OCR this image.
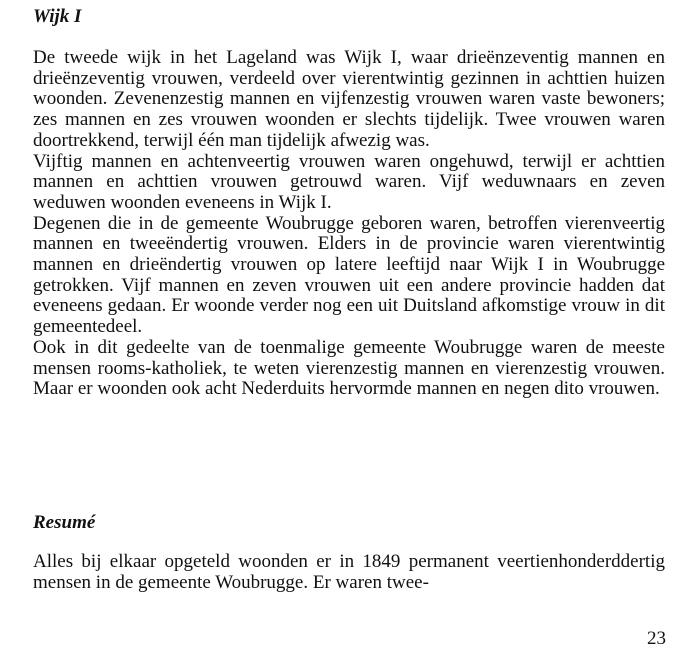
Wijk I

De tweede wijk in het Lageland was Wijk I, waar drieënzeventig mannen en drieënzeventig vrouwen, verdeeld over vierentwintig gezinnen in achttien huizen woonden. Zevenenzestig mannen en vijfenzestig vrouwen waren vaste bewoners; zes mannen en zes vrouwen woonden er slechts tijdelijk. Twee vrouwen waren doortrekkend, terwijl één man tijdelijk afwezig was.

Vijftig mannen en achtenveertig vrouwen waren ongehuwd, terwijl er achttien mannen en achttien vrouwen getrouwd waren. Vijf weduwnaars en zeven weduwen woonden eveneens in Wijk I.

Degenen die in de gemeente Woubrugge geboren waren, betroffen vierenveertig mannen en tweeëndertig vrouwen. Elders in de provincie waren vierentwintig mannen en drieëndertig vrouwen op latere leeftijd naar Wijk I in Woubrugge getrokken. Vijf mannen en zeven vrouwen uit een andere provincie hadden dat eveneens gedaan. Er woonde verder nog een uit Duitsland afkomstige vrouw in dit gemeentedeel.

Ook in dit gedeelte van de toenmalige gemeente Woubrugge waren de meeste mensen rooms-katholiek, te weten vierenzestig mannen en vierenzestig vrouwen. Maar er woonden ook acht Nederduits hervormde mannen en negen dito vrouwen.

Resumé

Alles bij elkaar opgeteld woonden er in 1849 permanent veertienhonderddertig mensen in de gemeente Woubrugge. Er waren twee-

23
